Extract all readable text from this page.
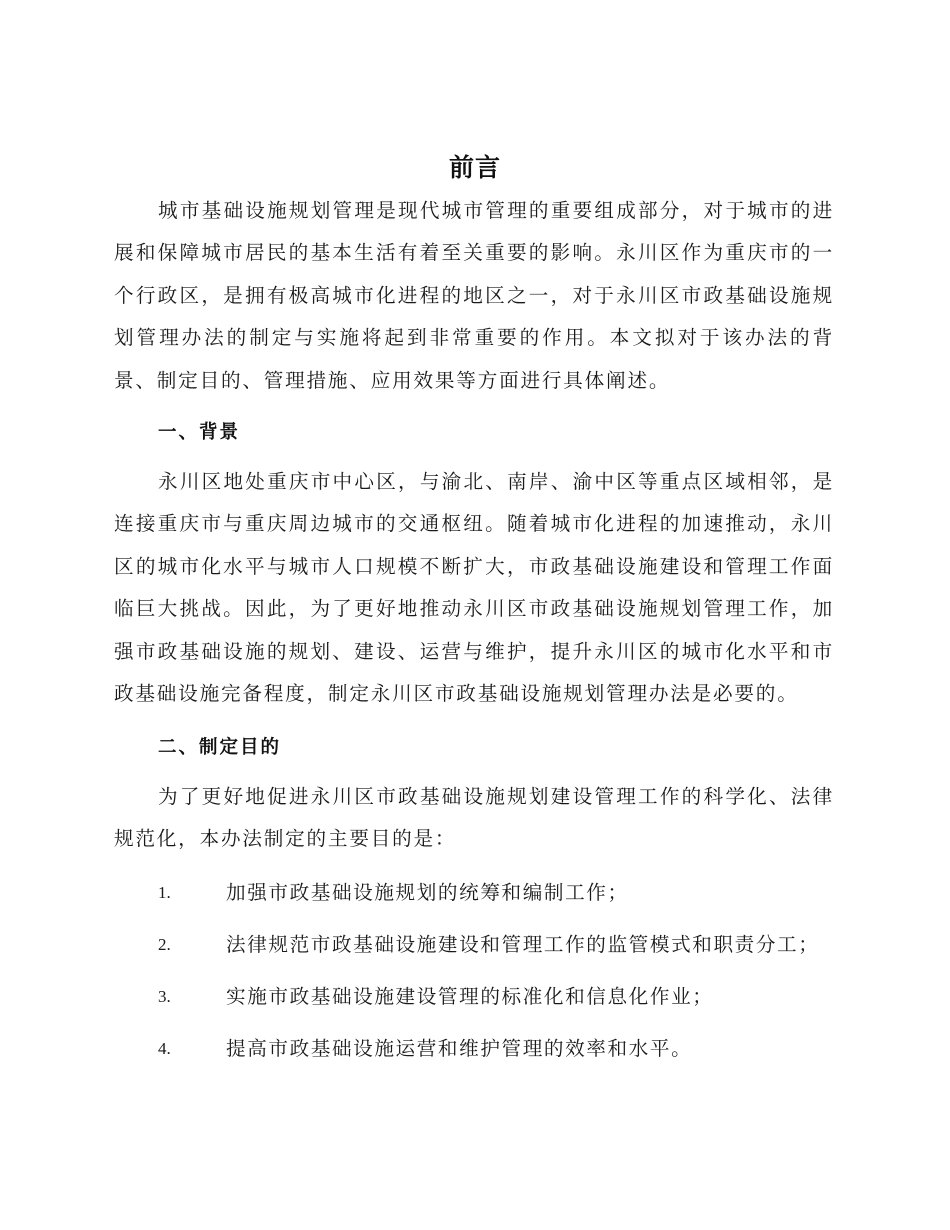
前言

城市基础设施规划管理是现代城市管理的重要组成部分，对于城市的进展和保障城市居民的基本生活有着至关重要的影响。永川区作为重庆市的一个行政区，是拥有极高城市化进程的地区之一，对于永川区市政基础设施规划管理办法的制定与实施将起到非常重要的作用。本文拟对于该办法的背景、制定目的、管理措施、应用效果等方面进行具体阐述。

一、背景

永川区地处重庆市中心区，与渝北、南岸、渝中区等重点区域相邻，是连接重庆市与重庆周边城市的交通枢纽。随着城市化进程的加速推动，永川区的城市化水平与城市人口规模不断扩大，市政基础设施建设和管理工作面临巨大挑战。因此，为了更好地推动永川区市政基础设施规划管理工作，加强市政基础设施的规划、建设、运营与维护，提升永川区的城市化水平和市政基础设施完备程度，制定永川区市政基础设施规划管理办法是必要的。

二、制定目的

为了更好地促进永川区市政基础设施规划建设管理工作的科学化、法律规范化，本办法制定的主要目的是：

1.	加强市政基础设施规划的统筹和编制工作；
2.	法律规范市政基础设施建设和管理工作的监管模式和职责分工；
3.	实施市政基础设施建设管理的标准化和信息化作业；
4.	提高市政基础设施运营和维护管理的效率和水平。
